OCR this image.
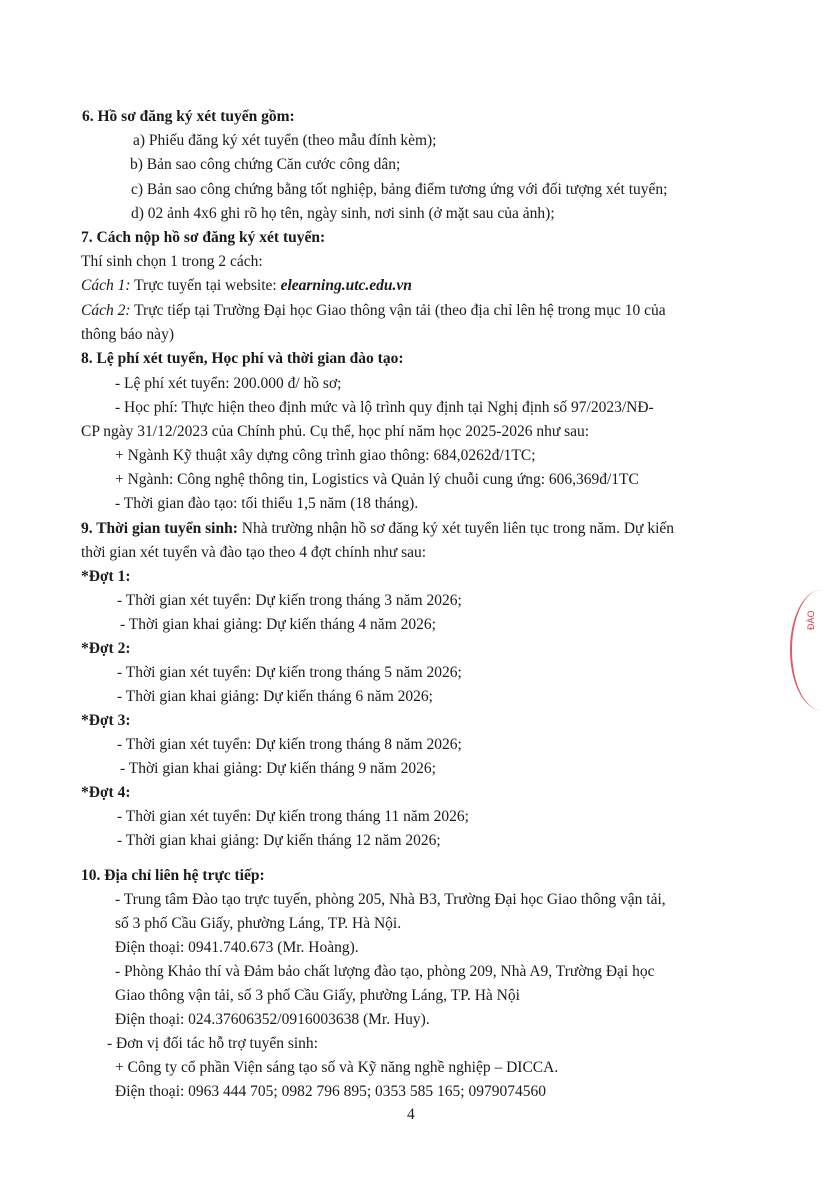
6. Hồ sơ đăng ký xét tuyển gồm:
a) Phiếu đăng ký xét tuyển (theo mẫu đính kèm);
b) Bản sao công chứng Căn cước công dân;
c) Bản sao công chứng bằng tốt nghiệp, bảng điểm tương ứng với đối tượng xét tuyển;
d) 02 ảnh 4x6 ghi rõ họ tên, ngày sinh, nơi sinh (ở mặt sau của ảnh);
7. Cách nộp hồ sơ đăng ký xét tuyển:
Thí sinh chọn 1 trong 2 cách:
Cách 1: Trực tuyến tại website: elearning.utc.edu.vn
Cách 2: Trực tiếp tại Trường Đại học Giao thông vận tải (theo địa chỉ lên hệ trong mục 10 của
thông báo này)
8. Lệ phí xét tuyển, Học phí và thời gian đào tạo:
- Lệ phí xét tuyển: 200.000 đ/ hồ sơ;
- Học phí: Thực hiện theo định mức và lộ trình quy định tại Nghị định số 97/2023/NĐ-
CP ngày 31/12/2023 của Chính phủ. Cụ thể, học phí năm học 2025-2026 như sau:
+ Ngành Kỹ thuật xây dựng công trình giao thông: 684,0262đ/1TC;
+ Ngành: Công nghệ thông tin, Logistics và Quản lý chuỗi cung ứng: 606,369đ/1TC
- Thời gian đào tạo: tối thiểu 1,5 năm (18 tháng).
9. Thời gian tuyển sinh: Nhà trường nhận hồ sơ đăng ký xét tuyển liên tục trong năm. Dự kiến
thời gian xét tuyển và đào tạo theo 4 đợt chính như sau:
*Đợt 1:
- Thời gian xét tuyển: Dự kiến trong tháng 3 năm 2026;
- Thời gian khai giảng: Dự kiến tháng 4 năm 2026;
*Đợt 2:
- Thời gian xét tuyển: Dự kiến trong tháng 5 năm 2026;
- Thời gian khai giảng: Dự kiến tháng 6 năm 2026;
*Đợt 3:
- Thời gian xét tuyển: Dự kiến trong tháng 8 năm 2026;
- Thời gian khai giảng: Dự kiến tháng 9 năm 2026;
*Đợt 4:
- Thời gian xét tuyển: Dự kiến trong tháng 11 năm 2026;
- Thời gian khai giảng: Dự kiến tháng 12 năm 2026;
10. Địa chỉ liên hệ trực tiếp:
- Trung tâm Đào tạo trực tuyến, phòng 205, Nhà B3, Trường Đại học Giao thông vận tải,
số 3 phố Cầu Giấy, phường Láng, TP. Hà Nội.
Điện thoại: 0941.740.673 (Mr. Hoàng).
- Phòng Khảo thí và Đảm bảo chất lượng đào tạo, phòng 209, Nhà A9, Trường Đại học
Giao thông vận tải, số 3 phố Cầu Giấy, phường Láng, TP. Hà Nội
Điện thoại: 024.37606352/0916003638 (Mr. Huy).
- Đơn vị đối tác hỗ trợ tuyển sinh:
+ Công ty cổ phần Viện sáng tạo số và Kỹ năng nghề nghiệp – DICCA.
Điện thoại: 0963 444 705; 0982 796 895; 0353 585 165; 0979074560
4
ĐÀO
